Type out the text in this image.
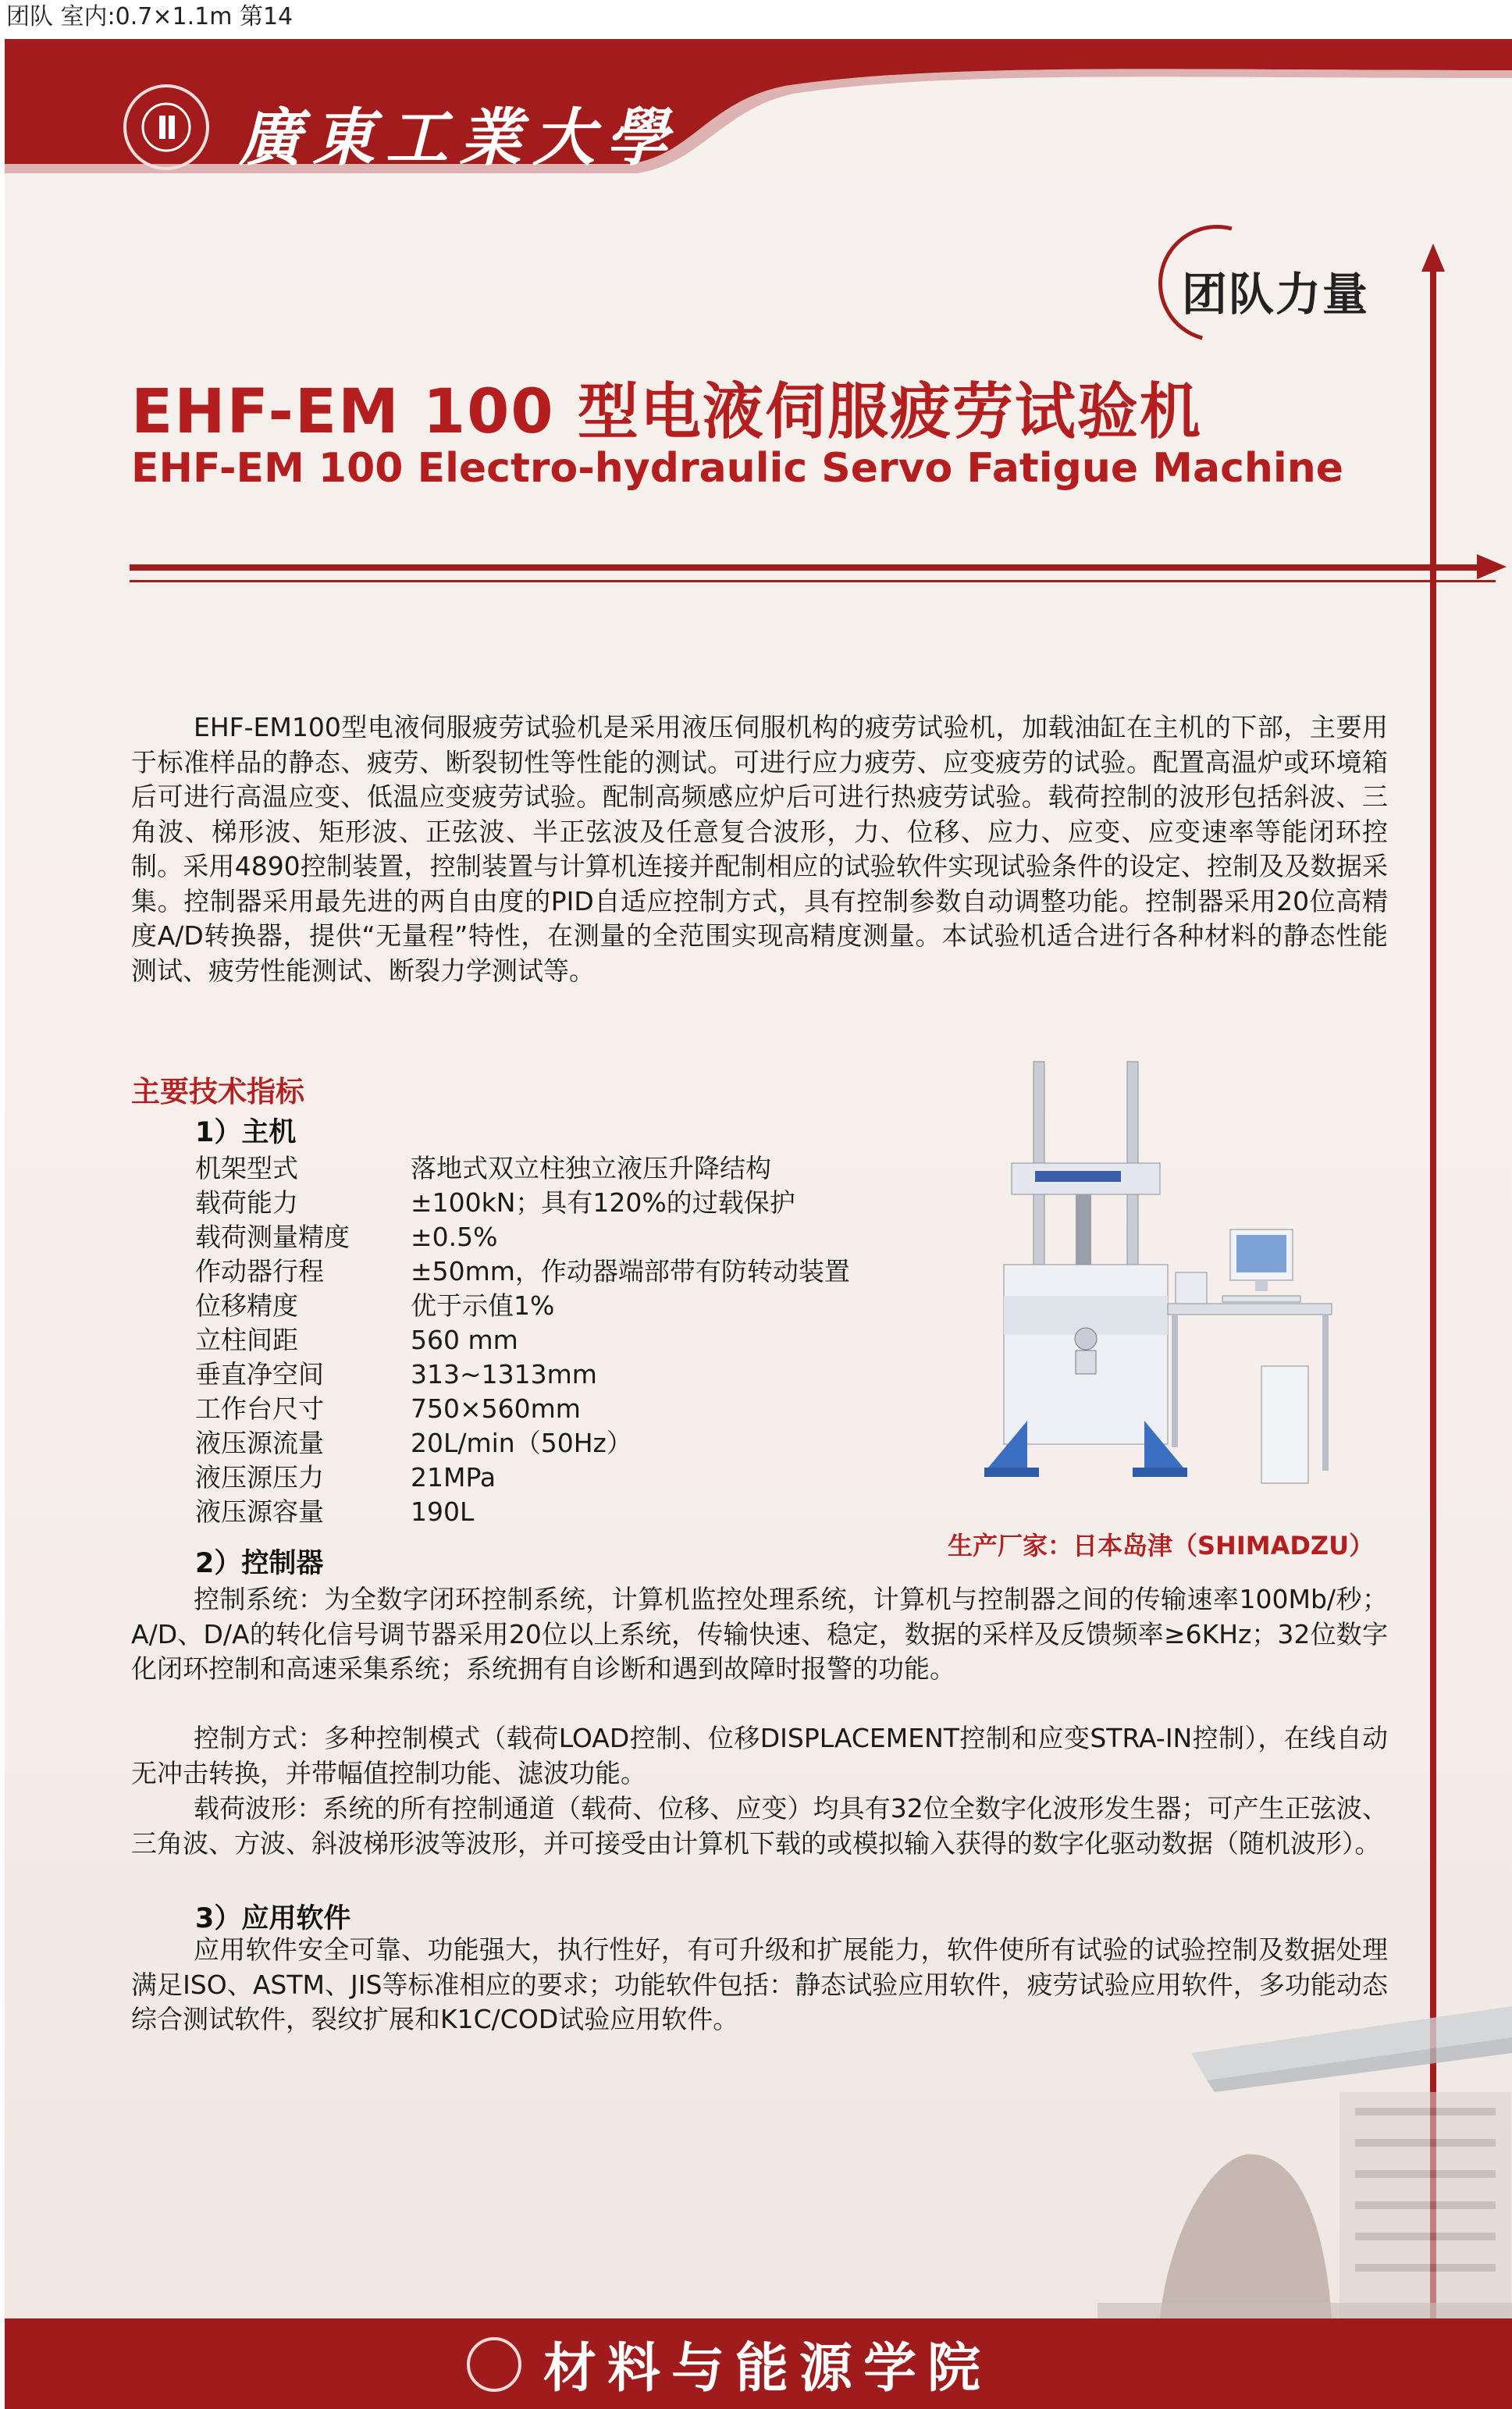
团队 室内:0.7×1.1m 第14
廣東工業大學
团队力量
EHF-EM 100 型电液伺服疲劳试验机
EHF-EM 100 Electro-hydraulic Servo Fatigue Machine
EHF-EM100型电液伺服疲劳试验机是采用液压伺服机构的疲劳试验机，加载油缸在主机的下部，主要用于标准样品的静态、疲劳、断裂韧性等性能的测试。可进行应力疲劳、应变疲劳的试验。配置高温炉或环境箱后可进行高温应变、低温应变疲劳试验。配制高频感应炉后可进行热疲劳试验。载荷控制的波形包括斜波、三角波、梯形波、矩形波、正弦波、半正弦波及任意复合波形，力、位移、应力、应变、应变速率等能闭环控制。采用4890控制装置，控制装置与计算机连接并配制相应的试验软件实现试验条件的设定、控制及及数据采集。控制器采用最先进的两自由度的PID自适应控制方式，具有控制参数自动调整功能。控制器采用20位高精度A/D转换器，提供“无量程”特性，在测量的全范围实现高精度测量。本试验机适合进行各种材料的静态性能测试、疲劳性能测试、断裂力学测试等。
主要技术指标
1）主机
机架型式	落地式双立柱独立液压升降结构
载荷能力	±100kN；具有120%的过载保护
载荷测量精度	±0.5%
作动器行程	±50mm，作动器端部带有防转动装置
位移精度	优于示值1%
立柱间距	560 mm
垂直净空间	313~1313mm
工作台尺寸	750×560mm
液压源流量	20L/min（50Hz）
液压源压力	21MPa
液压源容量	190L
生产厂家：日本岛津（SHIMADZU）
2）控制器
控制系统：为全数字闭环控制系统，计算机监控处理系统，计算机与控制器之间的传输速率100Mb/秒；A/D、D/A的转化信号调节器采用20位以上系统，传输快速、稳定，数据的采样及反馈频率≥6KHz；32位数字化闭环控制和高速采集系统；系统拥有自诊断和遇到故障时报警的功能。
控制方式：多种控制模式（载荷LOAD控制、位移DISPLACEMENT控制和应变STRA-IN控制），在线自动无冲击转换，并带幅值控制功能、滤波功能。
载荷波形：系统的所有控制通道（载荷、位移、应变）均具有32位全数字化波形发生器；可产生正弦波、三角波、方波、斜波梯形波等波形，并可接受由计算机下载的或模拟输入获得的数字化驱动数据（随机波形）。
3）应用软件
应用软件安全可靠、功能强大，执行性好，有可升级和扩展能力，软件使所有试验的试验控制及数据处理满足ISO、ASTM、JIS等标准相应的要求；功能软件包括：静态试验应用软件，疲劳试验应用软件，多功能动态综合测试软件，裂纹扩展和K1C/COD试验应用软件。
材料与能源学院
